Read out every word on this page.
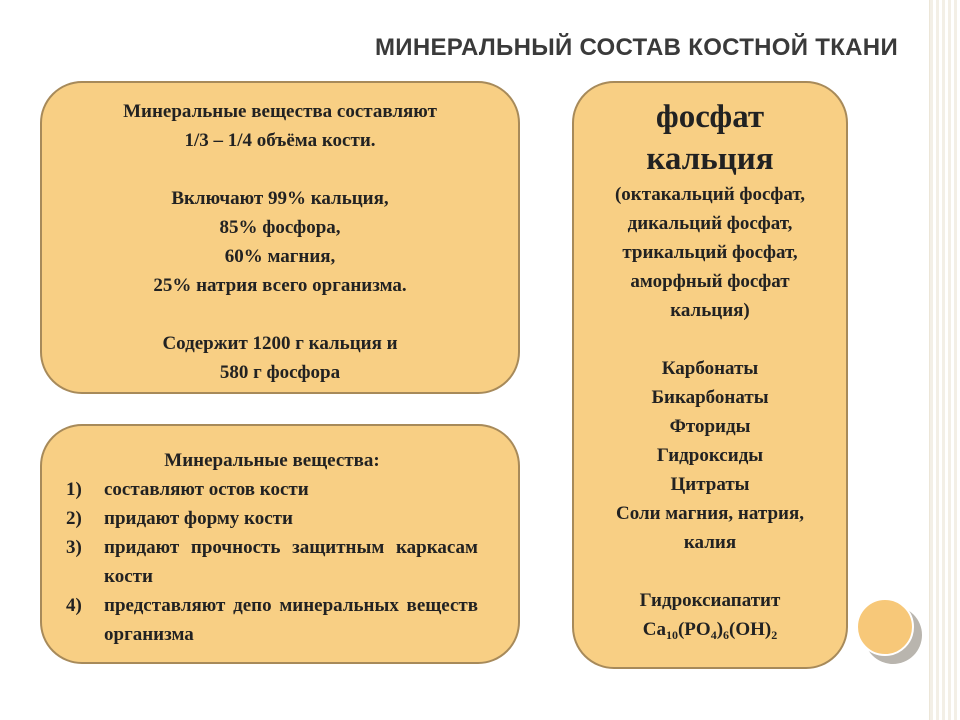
МИНЕРАЛЬНЫЙ СОСТАВ КОСТНОЙ ТКАНИ

Минеральные вещества составляют

1/3 – 1/4 объёма кости.

Включают 99% кальция,

85% фосфора,

60% магния,

25% натрия всего организма.

Содержит 1200 г кальция и

580 г фосфора

Минеральные вещества:

1)	составляют остов кости
2)	придают форму кости
3)	придают прочность защитным каркасам кости
4)	представляют депо минеральных веществ организма

фосфат

кальция

(октакальций фосфат,

дикальций фосфат,

трикальций фосфат,

аморфный фосфат

кальция)

Карбонаты

Бикарбонаты

Фториды

Гидроксиды

Цитраты

Соли магния, натрия,

калия

Гидроксиапатит

$Ca_{10}(PO_4)_6(OH)_2$
